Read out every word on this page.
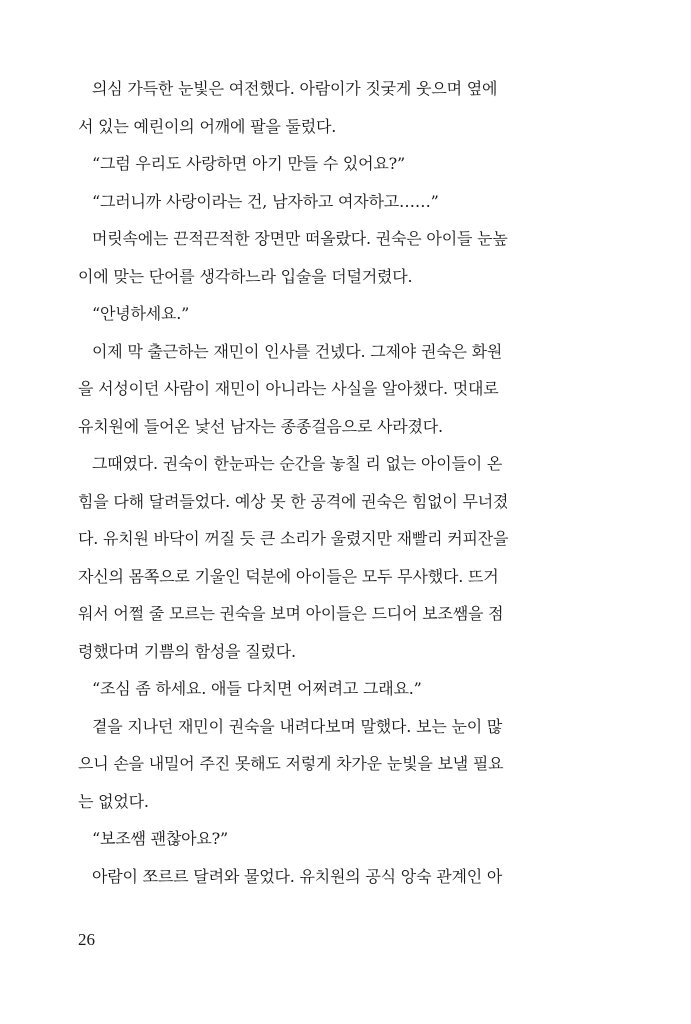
의심 가득한 눈빛은 여전했다. 아람이가 짓궂게 웃으며 옆에
서 있는 예린이의 어깨에 팔을 둘렀다.
“그럼 우리도 사랑하면 아기 만들 수 있어요?”
“그러니까 사랑이라는 건, 남자하고 여자하고……”
머릿속에는 끈적끈적한 장면만 떠올랐다. 권숙은 아이들 눈높
이에 맞는 단어를 생각하느라 입술을 더덜거렸다.
“안녕하세요.”
이제 막 출근하는 재민이 인사를 건넸다. 그제야 권숙은 화원
을 서성이던 사람이 재민이 아니라는 사실을 알아챘다. 멋대로
유치원에 들어온 낯선 남자는 종종걸음으로 사라졌다.
그때였다. 권숙이 한눈파는 순간을 놓칠 리 없는 아이들이 온
힘을 다해 달려들었다. 예상 못 한 공격에 권숙은 힘없이 무너졌
다. 유치원 바닥이 꺼질 듯 큰 소리가 울렸지만 재빨리 커피잔을
자신의 몸쪽으로 기울인 덕분에 아이들은 모두 무사했다. 뜨거
워서 어쩔 줄 모르는 권숙을 보며 아이들은 드디어 보조쌤을 점
령했다며 기쁨의 함성을 질렀다.
“조심 좀 하세요. 애들 다치면 어쩌려고 그래요.”
곁을 지나던 재민이 권숙을 내려다보며 말했다. 보는 눈이 많
으니 손을 내밀어 주진 못해도 저렇게 차가운 눈빛을 보낼 필요
는 없었다.
“보조쌤 괜찮아요?”
아람이 쪼르르 달려와 물었다. 유치원의 공식 앙숙 관계인 아
26
